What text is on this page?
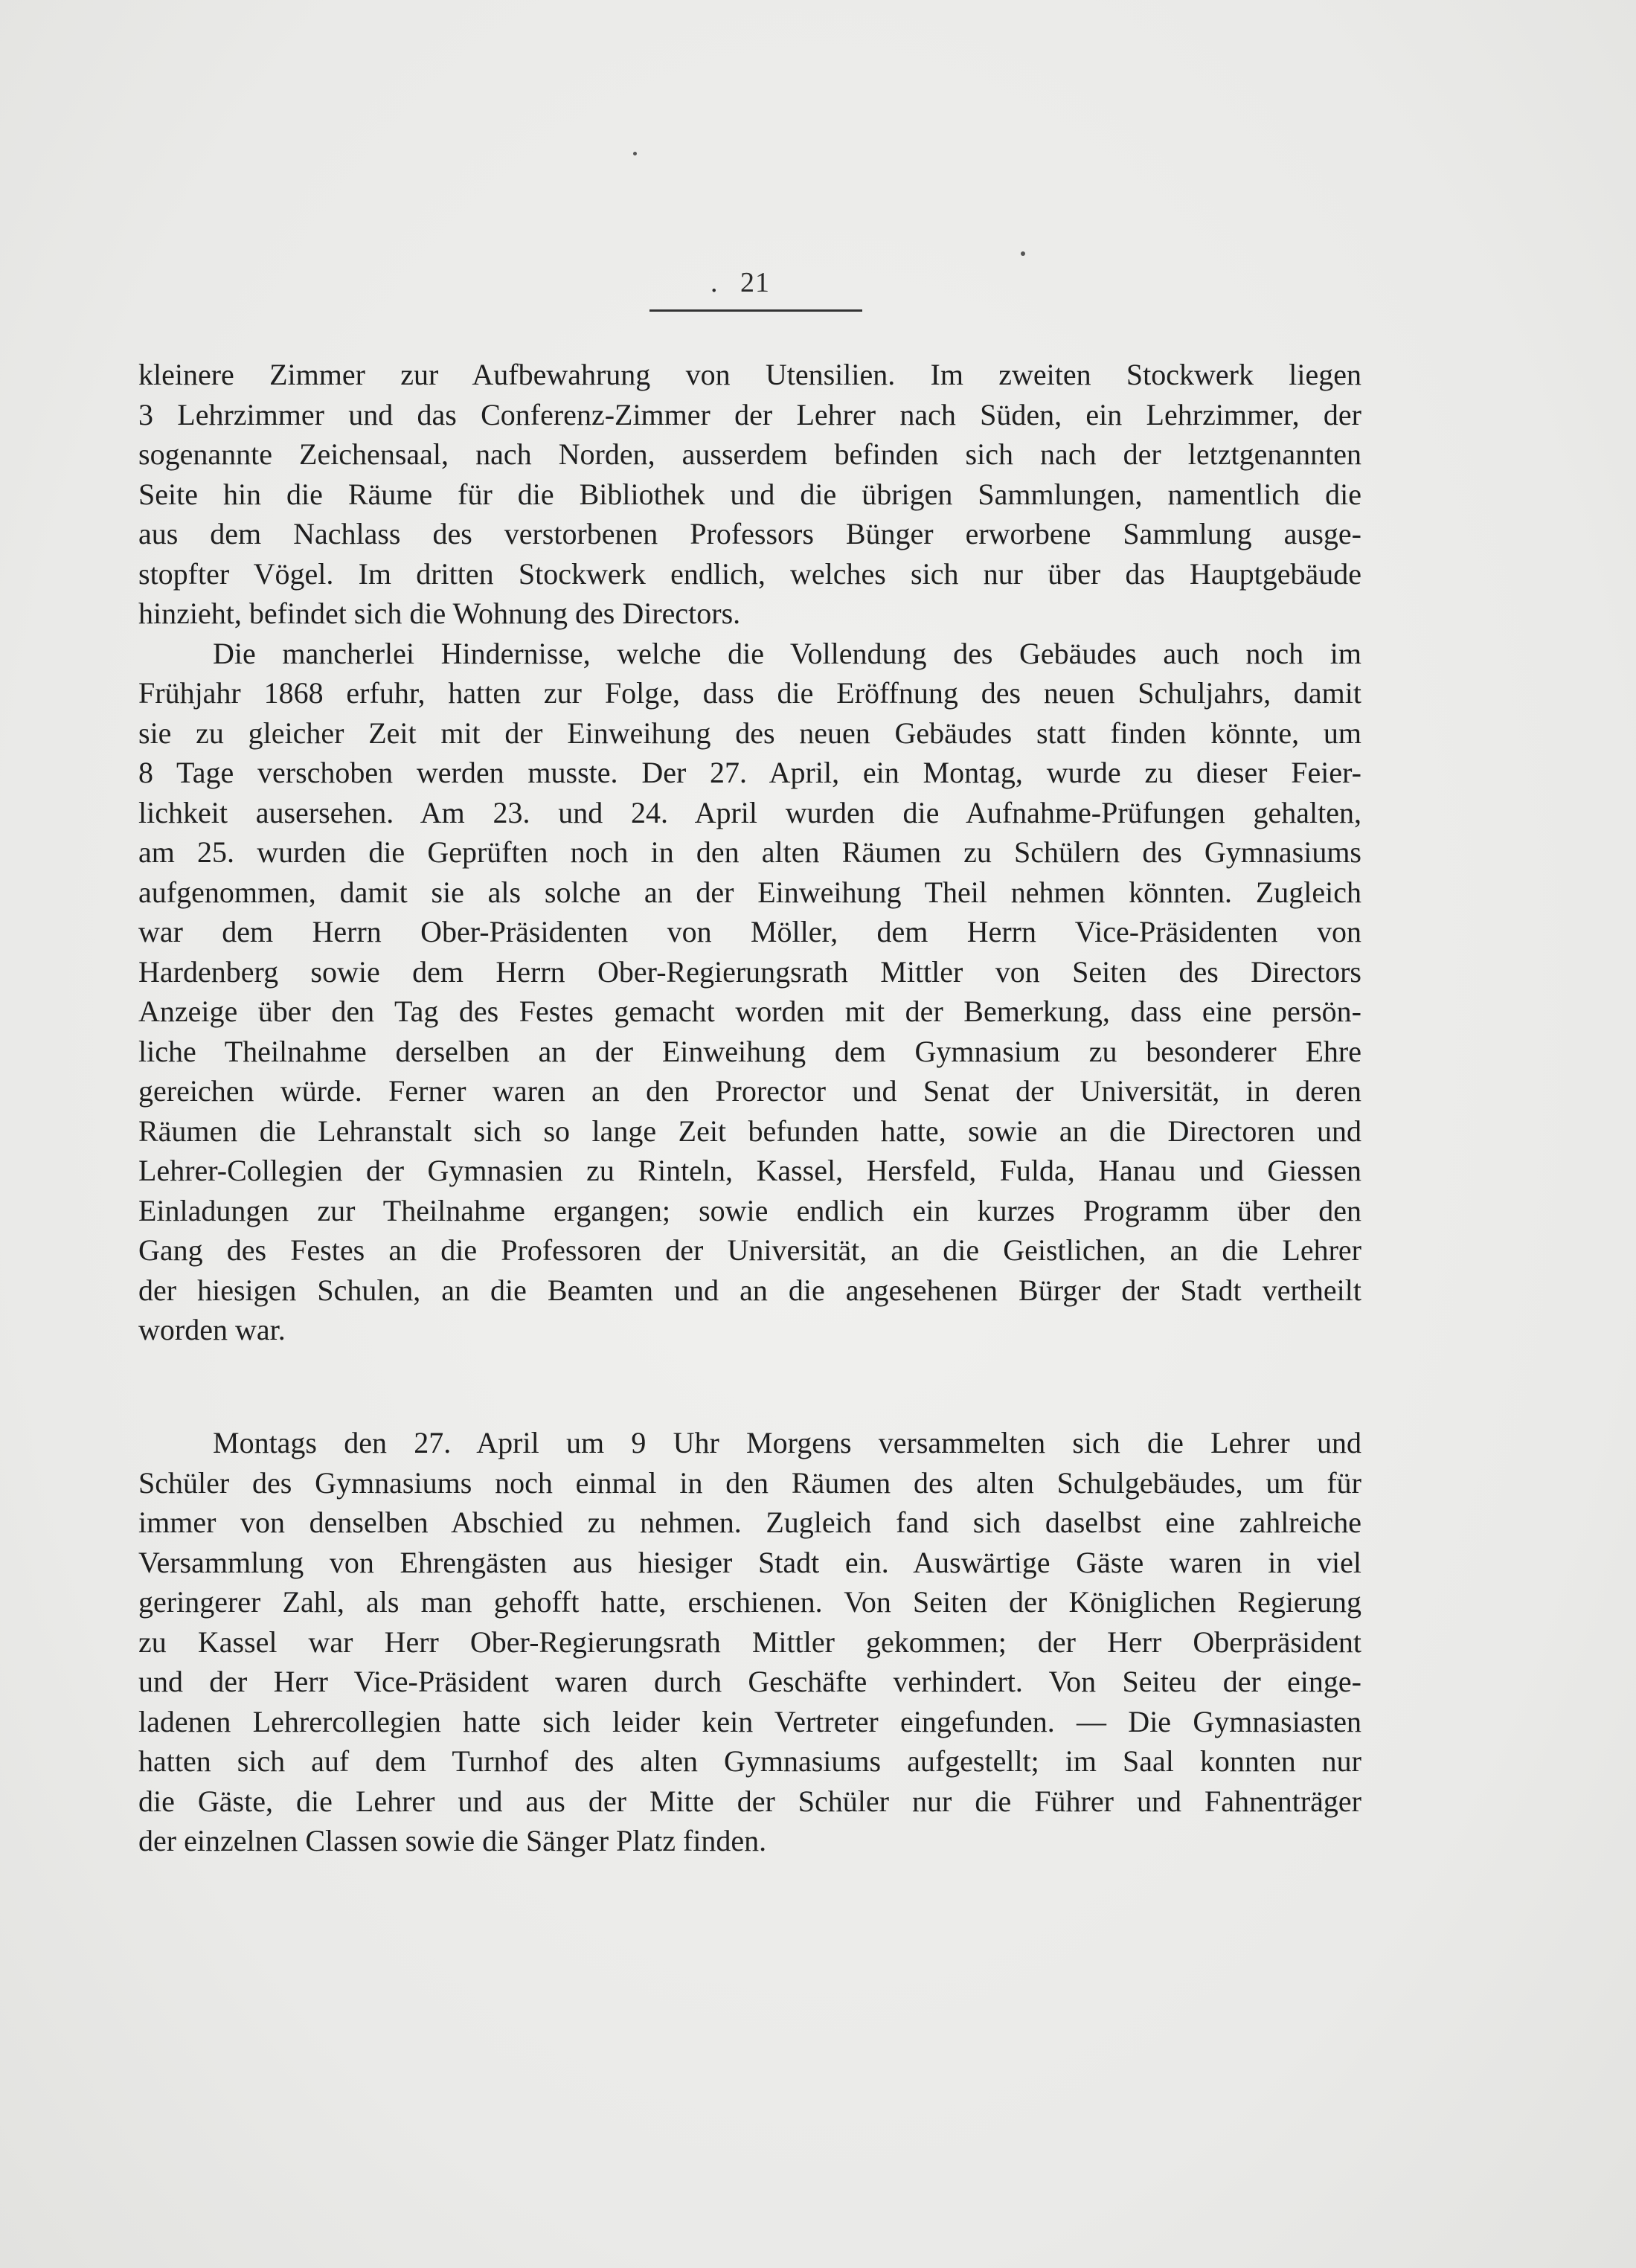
. 21
kleinere Zimmer zur Aufbewahrung von Utensilien. Im zweiten Stockwerk liegen
3 Lehrzimmer und das Conferenz-Zimmer der Lehrer nach Süden, ein Lehrzimmer, der
sogenannte Zeichensaal, nach Norden, ausserdem befinden sich nach der letztgenannten
Seite hin die Räume für die Bibliothek und die übrigen Sammlungen, namentlich die
aus dem Nachlass des verstorbenen Professors Bünger erworbene Sammlung ausge-
stopfter Vögel. Im dritten Stockwerk endlich, welches sich nur über das Hauptgebäude
hinzieht, befindet sich die Wohnung des Directors.
Die mancherlei Hindernisse, welche die Vollendung des Gebäudes auch noch im
Frühjahr 1868 erfuhr, hatten zur Folge, dass die Eröffnung des neuen Schuljahrs, damit
sie zu gleicher Zeit mit der Einweihung des neuen Gebäudes statt finden könnte, um
8 Tage verschoben werden musste. Der 27. April, ein Montag, wurde zu dieser Feier-
lichkeit ausersehen. Am 23. und 24. April wurden die Aufnahme-Prüfungen gehalten,
am 25. wurden die Geprüften noch in den alten Räumen zu Schülern des Gymnasiums
aufgenommen, damit sie als solche an der Einweihung Theil nehmen könnten. Zugleich
war dem Herrn Ober-Präsidenten von Möller, dem Herrn Vice-Präsidenten von
Hardenberg sowie dem Herrn Ober-Regierungsrath Mittler von Seiten des Directors
Anzeige über den Tag des Festes gemacht worden mit der Bemerkung, dass eine persön-
liche Theilnahme derselben an der Einweihung dem Gymnasium zu besonderer Ehre
gereichen würde. Ferner waren an den Prorector und Senat der Universität, in deren
Räumen die Lehranstalt sich so lange Zeit befunden hatte, sowie an die Directoren und
Lehrer-Collegien der Gymnasien zu Rinteln, Kassel, Hersfeld, Fulda, Hanau und Giessen
Einladungen zur Theilnahme ergangen; sowie endlich ein kurzes Programm über den
Gang des Festes an die Professoren der Universität, an die Geistlichen, an die Lehrer
der hiesigen Schulen, an die Beamten und an die angesehenen Bürger der Stadt vertheilt
worden war.
Montags den 27. April um 9 Uhr Morgens versammelten sich die Lehrer und
Schüler des Gymnasiums noch einmal in den Räumen des alten Schulgebäudes, um für
immer von denselben Abschied zu nehmen. Zugleich fand sich daselbst eine zahlreiche
Versammlung von Ehrengästen aus hiesiger Stadt ein. Auswärtige Gäste waren in viel
geringerer Zahl, als man gehofft hatte, erschienen. Von Seiten der Königlichen Regierung
zu Kassel war Herr Ober-Regierungsrath Mittler gekommen; der Herr Oberpräsident
und der Herr Vice-Präsident waren durch Geschäfte verhindert. Von Seiteu der einge-
ladenen Lehrercollegien hatte sich leider kein Vertreter eingefunden. — Die Gymnasiasten
hatten sich auf dem Turnhof des alten Gymnasiums aufgestellt; im Saal konnten nur
die Gäste, die Lehrer und aus der Mitte der Schüler nur die Führer und Fahnenträger
der einzelnen Classen sowie die Sänger Platz finden.
